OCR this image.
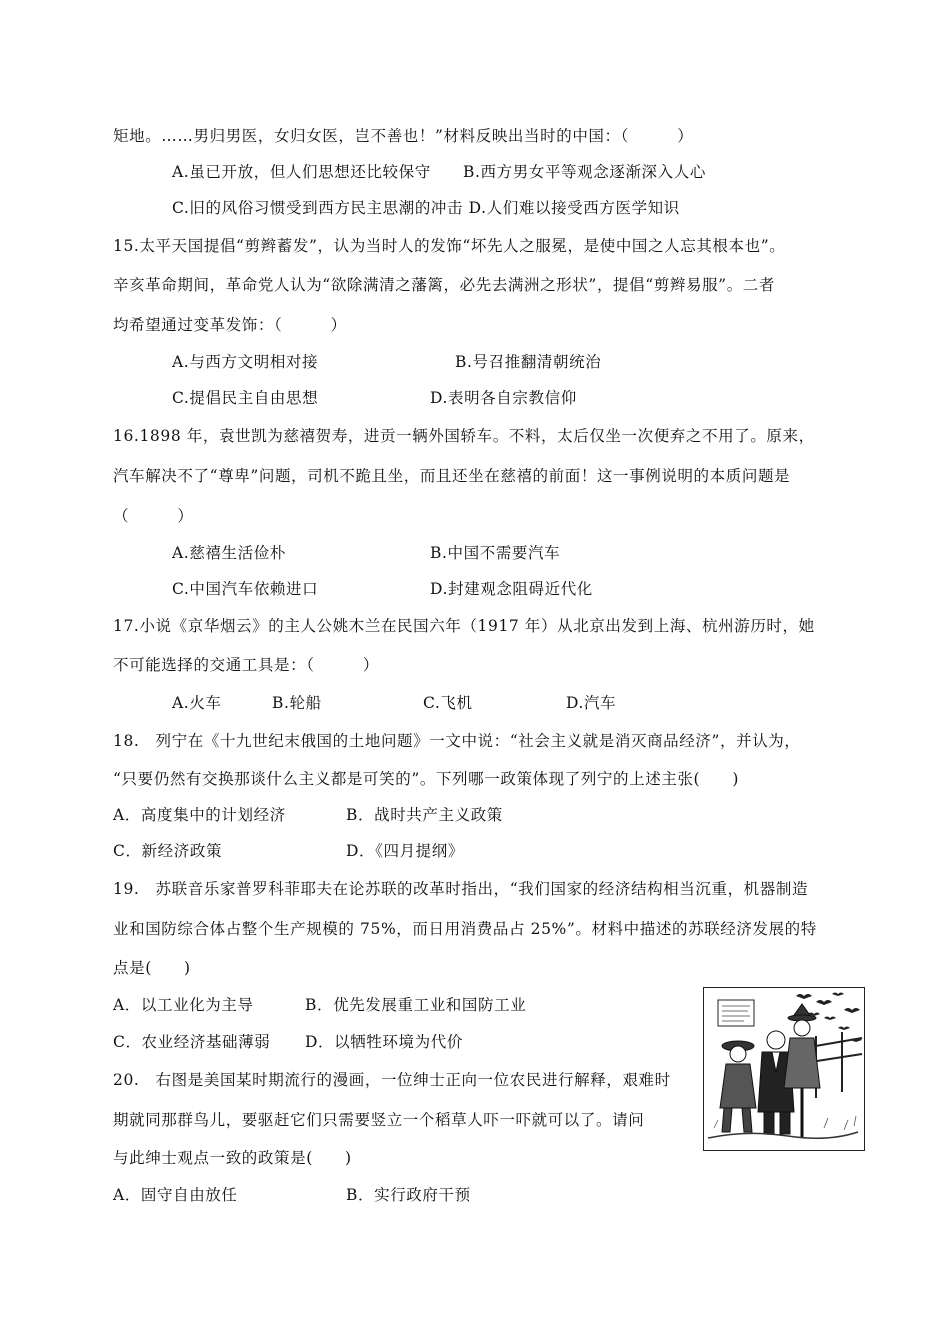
矩地。……男归男医，女归女医，岂不善也！”材料反映出当时的中国：（　　　）
A.虽已开放，但人们思想还比较保守　　B.西方男女平等观念逐渐深入人心
C.旧的风俗习惯受到西方民主思潮的冲击 D.人们难以接受西方医学知识
15.太平天国提倡“剪辫蓄发”，认为当时人的发饰“坏先人之服冕，是使中国之人忘其根本也”。
辛亥革命期间，革命党人认为“欲除满清之藩篱，必先去满洲之形状”，提倡“剪辫易服”。二者
均希望通过变革发饰：（　　　）
A.与西方文明相对接	B.号召推翻清朝统治
C.提倡民主自由思想	D.表明各自宗教信仰
16.1898 年，袁世凯为慈禧贺寿，进贡一辆外国轿车。不料，太后仅坐一次便弃之不用了。原来，
汽车解决不了“尊卑”问题，司机不跪且坐，而且还坐在慈禧的前面！这一事例说明的本质问题是
（　　　）
A.慈禧生活俭朴	B.中国不需要汽车
C.中国汽车依赖进口	D.封建观念阻碍近代化
17.小说《京华烟云》的主人公姚木兰在民国六年（1917 年）从北京出发到上海、杭州游历时，她
不可能选择的交通工具是：（　　　）
A.火车	B.轮船	C.飞机	D.汽车
18.　列宁在《十九世纪末俄国的土地问题》一文中说：“社会主义就是消灭商品经济”，并认为，
“只要仍然有交换那谈什么主义都是可笑的”。下列哪一政策体现了列宁的上述主张(　　)
A．高度集中的计划经济	B．战时共产主义政策
C．新经济政策	D．《四月提纲》
19.　苏联音乐家普罗科菲耶夫在论苏联的改革时指出，“我们国家的经济结构相当沉重，机器制造
业和国防综合体占整个生产规模的 75%，而日用消费品占 25%”。材料中描述的苏联经济发展的特
点是(　　)
A．以工业化为主导	B．优先发展重工业和国防工业
C．农业经济基础薄弱 D．以牺牲环境为代价
20.　右图是美国某时期流行的漫画，一位绅士正向一位农民进行解释，艰难时
期就同那群鸟儿，要驱赶它们只需要竖立一个稻草人吓一吓就可以了。请问
与此绅士观点一致的政策是(　　)
A．固守自由放任	B．实行政府干预
